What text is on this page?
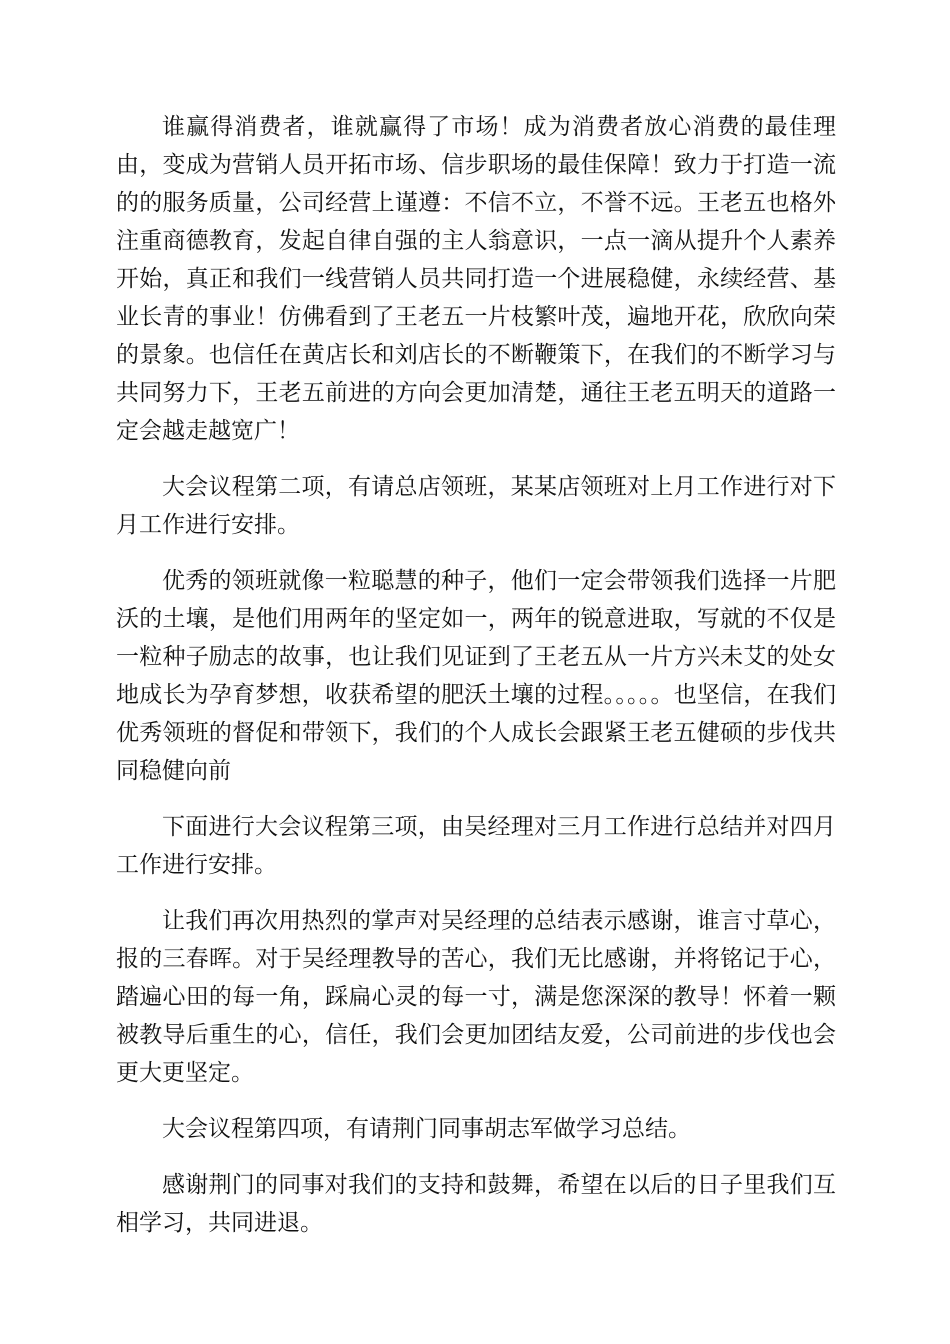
谁赢得消费者，谁就赢得了市场！成为消费者放心消费的最佳理由，变成为营销人员开拓市场、信步职场的最佳保障！致力于打造一流的的服务质量，公司经营上谨遵：不信不立，不誉不远。王老五也格外注重商德教育，发起自律自强的主人翁意识，一点一滴从提升个人素养开始，真正和我们一线营销人员共同打造一个进展稳健，永续经营、基业长青的事业！仿佛看到了王老五一片枝繁叶茂，遍地开花，欣欣向荣的景象。也信任在黄店长和刘店长的不断鞭策下，在我们的不断学习与共同努力下，王老五前进的方向会更加清楚，通往王老五明天的道路一定会越走越宽广！

大会议程第二项，有请总店领班，某某店领班对上月工作进行对下月工作进行安排。

优秀的领班就像一粒聪慧的种子，他们一定会带领我们选择一片肥沃的土壤，是他们用两年的坚定如一，两年的锐意进取，写就的不仅是一粒种子励志的故事，也让我们见证到了王老五从一片方兴未艾的处女地成长为孕育梦想，收获希望的肥沃土壤的过程。。。。。也坚信，在我们优秀领班的督促和带领下，我们的个人成长会跟紧王老五健硕的步伐共同稳健向前

下面进行大会议程第三项，由吴经理对三月工作进行总结并对四月工作进行安排。

让我们再次用热烈的掌声对吴经理的总结表示感谢，谁言寸草心，报的三春晖。对于吴经理教导的苦心，我们无比感谢，并将铭记于心，踏遍心田的每一角，踩扁心灵的每一寸，满是您深深的教导！怀着一颗被教导后重生的心，信任，我们会更加团结友爱，公司前进的步伐也会更大更坚定。

大会议程第四项，有请荆门同事胡志军做学习总结。

感谢荆门的同事对我们的支持和鼓舞，希望在以后的日子里我们互相学习，共同进退。
